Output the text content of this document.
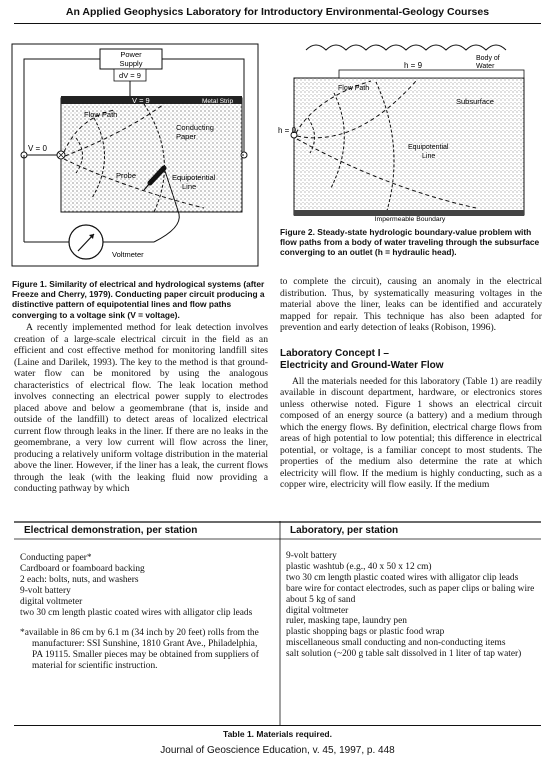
An Applied Geophysics Laboratory for Introductory Environmental-Geology Courses
Power
Supply
dV = 9
V = 9	Metal Strip
V = 0
Flow Path
Conducting
Paper
Probe	Equipotential
Line
Voltmeter
h = 9
Body of
Water
h = 0
Flow Path
Subsurface
Equipotential
Line
Impermeable Boundary
Figure 2. Steady-state hydrologic boundary-value problem with flow paths from a body of water traveling through the subsurface converging to an outlet (h = hydraulic head).
Figure 1. Similarity of electrical and hydrological systems (after Freeze and Cherry, 1979). Conducting paper circuit producing a distinctive pattern of equipotential lines and flow paths converging to a voltage sink (V = voltage).

A recently implemented method for leak detection involves creation of a large-scale electrical circuit in the field as an efficient and cost effective method for monitoring landfill sites (Laine and Darilek, 1993). The key to the method is that ground-water flow can be monitored by using the analogous characteristics of electrical flow. The leak location method involves connecting an electrical power supply to electrodes placed above and below a geomembrane (that is, inside and outside of the landfill) to detect areas of localized electrical current flow through leaks in the liner. If there are no leaks in the geomembrane, a very low current will flow across the liner, producing a relatively uniform voltage distribution in the material above the liner. However, if the liner has a leak, the current flows through the leak (with the leaking fluid now providing a conducting pathway by which

to complete the circuit), causing an anomaly in the electrical distribution. Thus, by systematically measuring voltages in the material above the liner, leaks can be identified and accurately mapped for repair. This technique has also been adapted for prevention and early detection of leaks (Robison, 1996).

Laboratory Concept I –
Electricity and Ground-Water Flow

All the materials needed for this laboratory (Table 1) are readily available in discount department, hardware, or electronics stores unless otherwise noted. Figure 1 shows an electrical circuit composed of an energy source (a battery) and a medium through which the energy flows. By definition, electrical charge flows from areas of high potential to low potential; this difference in electrical potential, or voltage, is a familiar concept to most students. The properties of the medium also determine the rate at which electricity will flow. If the medium is highly conducting, such as a copper wire, electricity will flow easily. If the medium

Electrical demonstration, per station	Laboratory, per station
Conducting paper*
Cardboard or foamboard backing
2 each: bolts, nuts, and washers
9-volt battery
digital voltmeter
two 30 cm length plastic coated wires with alligator clip leads
*available in 86 cm by 6.1 m (34 inch by 20 feet) rolls from the manufacturer: SSI Sunshine, 1810 Grant Ave., Philadelphia, PA 19115. Smaller pieces may be obtained from suppliers of material for scientific instruction.
9-volt battery
plastic washtub (e.g., 40 x 50 x 12 cm)
two 30 cm length plastic coated wires with alligator clip leads
bare wire for contact electrodes, such as paper clips or baling wire
about 5 kg of sand
digital voltmeter
ruler, masking tape, laundry pen
plastic shopping bags or plastic food wrap
miscellaneous small conducting and non-conducting items
salt solution (~200 g table salt dissolved in 1 liter of tap water)
Table 1. Materials required.
Journal of Geoscience Education, v. 45, 1997, p. 448
